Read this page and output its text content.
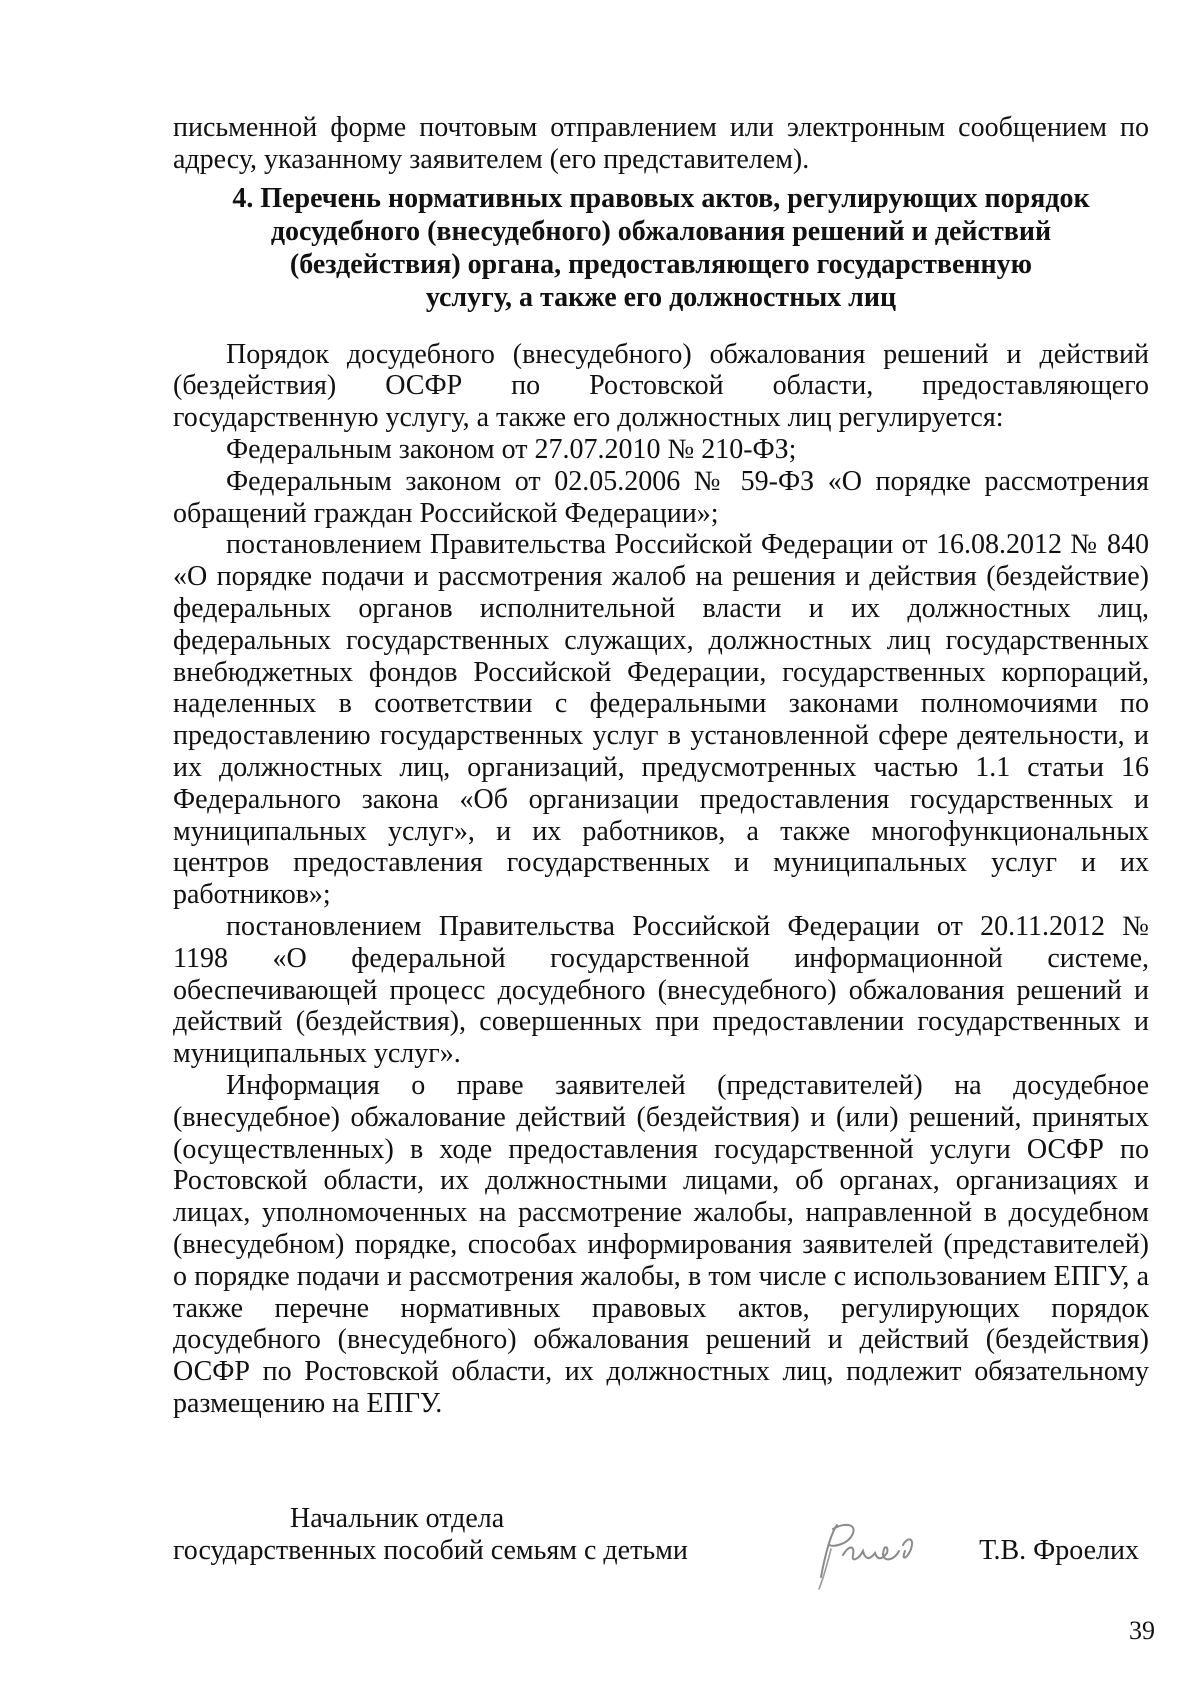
письменной форме почтовым отправлением или электронным сообщением по адресу, указанному заявителем (его представителем).

4. Перечень нормативных правовых актов, регулирующих порядок
досудебного (внесудебного) обжалования решений и действий
(бездействия) органа, предоставляющего государственную
услугу, а также его должностных лиц

Порядок досудебного (внесудебного) обжалования решений и действий (бездействия) ОСФР по Ростовской области, предоставляющего государственную услугу, а также его должностных лиц регулируется:

Федеральным законом от 27.07.2010 № 210-ФЗ;

Федеральным законом от 02.05.2006 № 59-ФЗ «О порядке рассмотрения обращений граждан Российской Федерации»;

постановлением Правительства Российской Федерации от 16.08.2012 № 840 «О порядке подачи и рассмотрения жалоб на решения и действия (бездействие) федеральных органов исполнительной власти и их должностных лиц, федеральных государственных служащих, должностных лиц государственных внебюджетных фондов Российской Федерации, государственных корпораций, наделенных в соответствии с федеральными законами полномочиями по предоставлению государственных услуг в установленной сфере деятельности, и их должностных лиц, организаций, предусмотренных частью 1.1 статьи 16 Федерального закона «Об организации предоставления государственных и муниципальных услуг», и их работников, а также многофункциональных центров предоставления государственных и муниципальных услуг и их работников»;

постановлением Правительства Российской Федерации от 20.11.2012 № 1198 «О федеральной государственной информационной системе, обеспечивающей процесс досудебного (внесудебного) обжалования решений и действий (бездействия), совершенных при предоставлении государственных и муниципальных услуг».

Информация о праве заявителей (представителей) на досудебное (внесудебное) обжалование действий (бездействия) и (или) решений, принятых (осуществленных) в ходе предоставления государственной услуги ОСФР по Ростовской области, их должностными лицами, об органах, организациях и лицах, уполномоченных на рассмотрение жалобы, направленной в досудебном (внесудебном) порядке, способах информирования заявителей (представителей) о порядке подачи и рассмотрения жалобы, в том числе с использованием ЕПГУ, а также перечне нормативных правовых актов, регулирующих порядок досудебного (внесудебного) обжалования решений и действий (бездействия) ОСФР по Ростовской области, их должностных лиц, подлежит обязательному размещению на ЕПГУ.

Начальник отдела
государственных пособий семьям с детьми	Т.В. Фроелих
39
